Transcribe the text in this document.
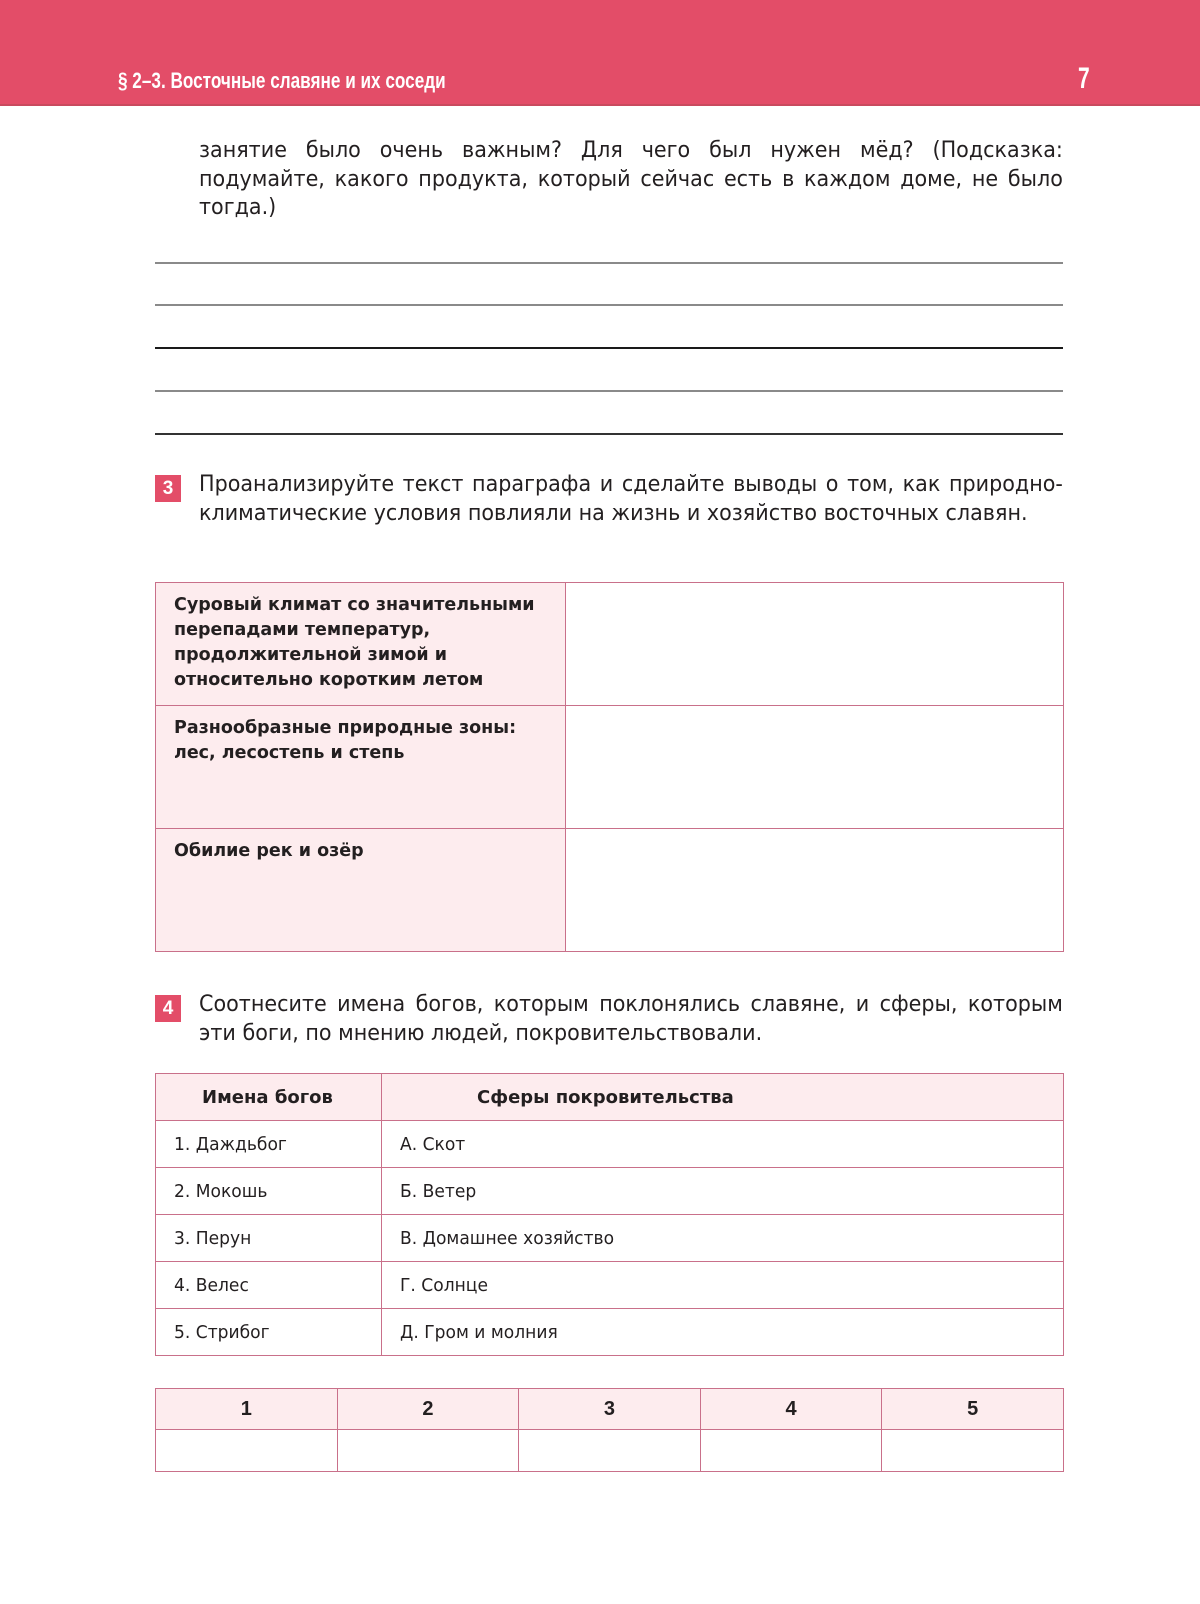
§ 2–3. Восточные славяне и их соседи	7
занятие было очень важным? Для чего был нужен мёд? (Подсказка: подумайте, какого продукта, который сейчас есть в каждом доме, не было тогда.)
3	Проанализируйте текст параграфа и сделайте выводы о том, как природно-климатические условия повлияли на жизнь и хозяйство восточных славян.
Суровый климат со значительными перепадами температур, продолжительной зимой и относительно коротким летом	
Разнообразные природные зоны: лес, лесостепь и степь	
Обилие рек и озёр	
4	Соотнесите имена богов, которым поклонялись славяне, и сферы, которым эти боги, по мнению людей, покровительствовали.
Имена богов	Сферы покровительства
1. Даждьбог	А. Скот
2. Мокошь	Б. Ветер
3. Перун	В. Домашнее хозяйство
4. Велес	Г. Солнце
5. Стрибог	Д. Гром и молния
1	2	3	4	5
